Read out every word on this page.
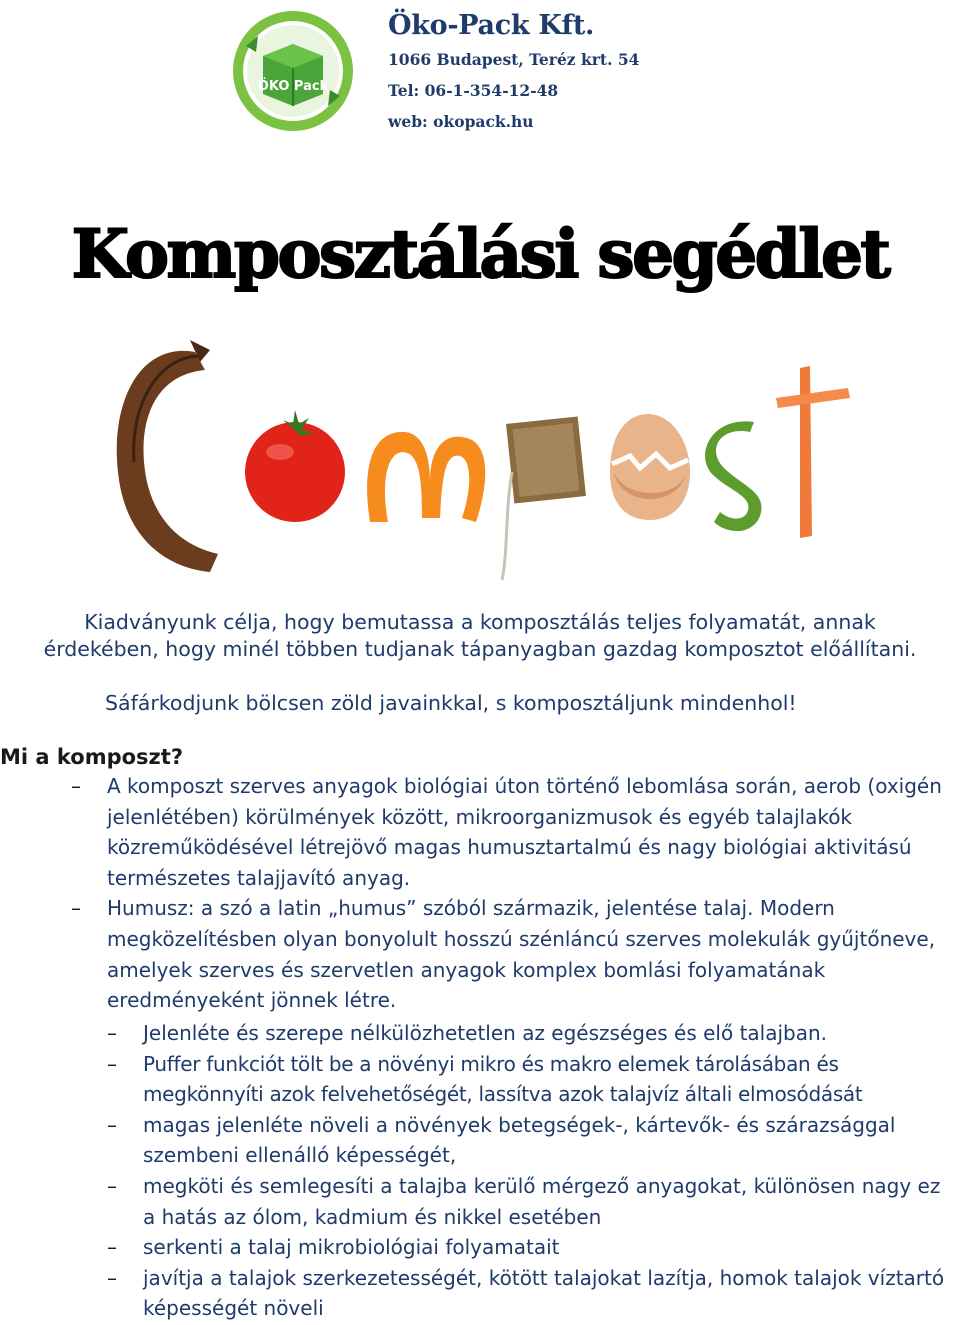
ÖKO Pack
Öko-Pack Kft.
1066 Budapest, Teréz krt. 54
Tel: 06-1-354-12-48
web: okopack.hu
Komposztálási segédlet
Kiadványunk célja, hogy bemutassa a komposztálás teljes folyamatát, annak
érdekében, hogy minél többen tudjanak tápanyagban gazdag komposztot előállítani.
Sáfárkodjunk bölcsen zöld javainkkal, s komposztáljunk mindenhol!
Mi a komposzt?
– A komposzt szerves anyagok biológiai úton történő lebomlása során, aerob (oxigén jelenlétében) körülmények között, mikroorganizmusok és egyéb talajlakók közreműködésével létrejövő magas humusztartalmú és nagy biológiai aktivitású természetes talajjavító anyag.
– Humusz: a szó a latin „humus” szóból származik, jelentése talaj. Modern megközelítésben olyan bonyolult hosszú szénláncú szerves molekulák gyűjtőneve, amelyek szerves és szervetlen anyagok komplex bomlási folyamatának eredményeként jönnek létre.
– Jelenléte és szerepe nélkülözhetetlen az egészséges és elő talajban.
– Puffer funkciót tölt be a növényi mikro és makro elemek tárolásában és megkönnyíti azok felvehetőségét, lassítva azok talajvíz általi elmosódását
– magas jelenléte növeli a növények betegségek-, kártevők- és szárazsággal szembeni ellenálló képességét,
– megköti és semlegesíti a talajba kerülő mérgező anyagokat, különösen nagy ez a hatás az ólom, kadmium és nikkel esetében
– serkenti a talaj mikrobiológiai folyamatait
– javítja a talajok szerkezetességét, kötött talajokat lazítja, homok talajok víztartó képességét növeli
